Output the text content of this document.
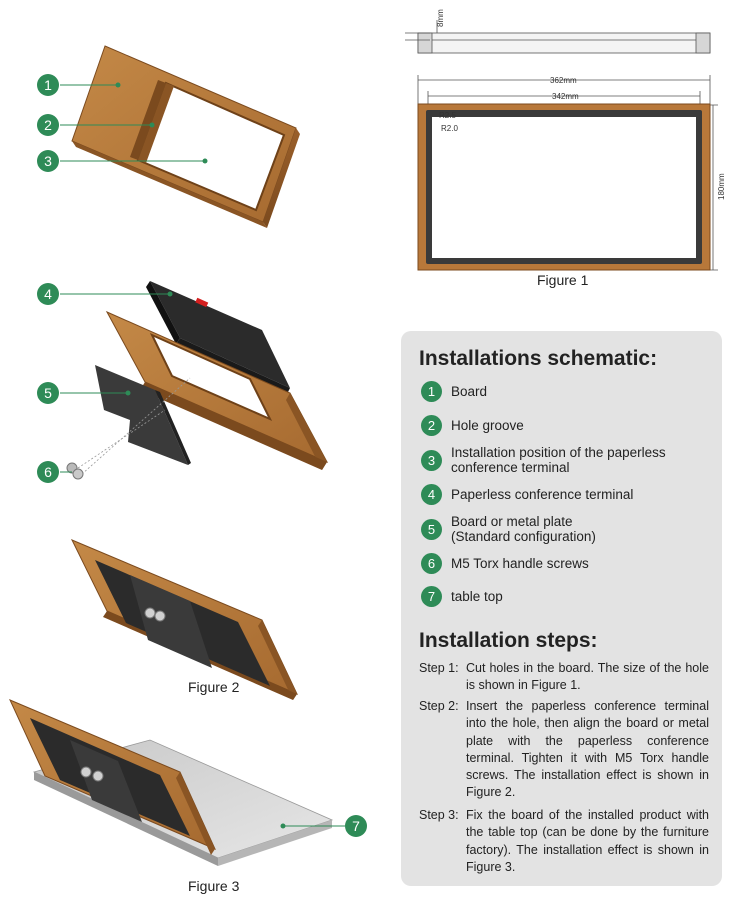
8mm
362mm
342mm
180mm
R2.5
R2.0
1
2
3
4
5
6
7
Figure 1
Figure 2
Figure 3
Installations schematic:
1	Board
2	Hole groove
3	Installation position of the paperless conference terminal
4	Paperless conference terminal
5	Board or metal plate (Standard configuration)
6	M5 Torx handle screws
7	table top
Installation steps:
Step 1: Cut holes in the board. The size of the hole is shown in Figure 1.
Step 2: Insert the paperless conference terminal into the hole, then align the board or metal plate with the paperless conference terminal. Tighten it with M5 Torx handle screws. The installation effect is shown in Figure 2.
Step 3: Fix the board of the installed product with the table top (can be done by the furniture factory). The installation effect is shown in Figure 3.
